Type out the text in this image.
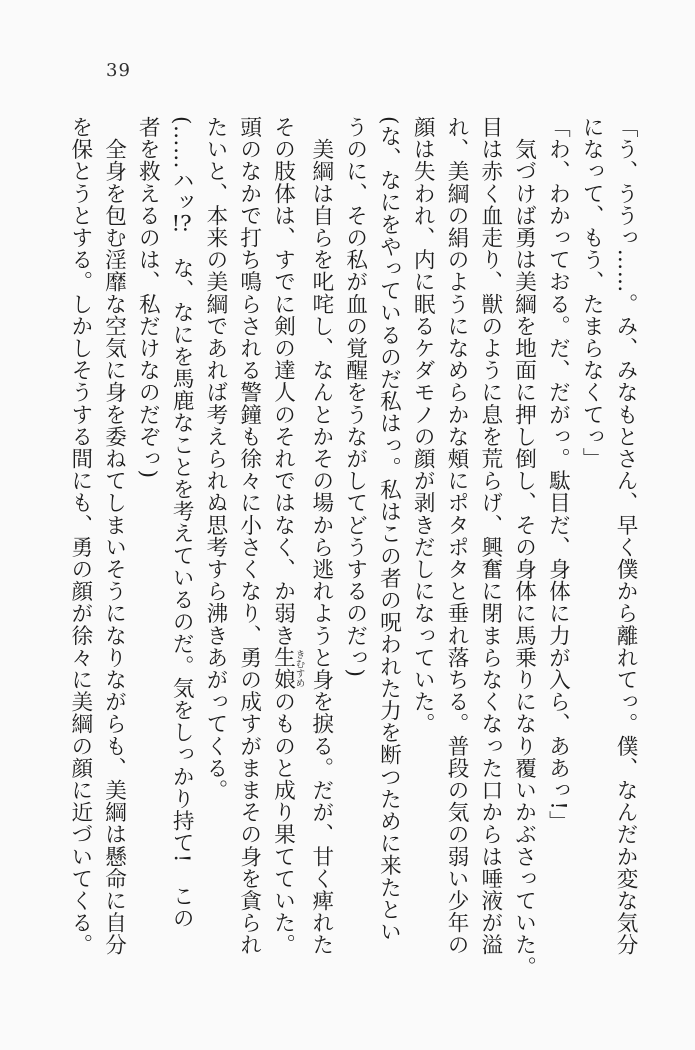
39
「う、ううっ……。み、みなもとさん、早く僕から離れてっ。僕、なんだか変な気分
になって、もう、たまらなくてっ」
「わ、わかっておる。だ、だがっ。駄目だ、身体に力が入ら、ああっ!」
　気づけば勇は美綱を地面に押し倒し、その身体に馬乗りになり覆いかぶさっていた。
目は赤く血走り、獣のように息を荒らげ、興奮に閉まらなくなった口からは唾液が溢
れ、美綱の絹のようになめらかな頰にポタポタと垂れ落ちる。普段の気の弱い少年の
顔は失われ、内に眠るケダモノの顔が剥きだしになっていた。
(な、なにをやっているのだ私はっ。私はこの者の呪われた力を断つために来たとい
うのに、その私が血の覚醒をうながしてどうするのだっ)
　美綱は自らを叱咤し、なんとかその場から逃れようと身を捩る。だが、甘く痺れた
その肢体は、すでに剣の達人のそれではなく、か弱き生娘きむすめのものと成り果てていた。
頭のなかで打ち鳴らされる警鐘も徐々に小さくなり、勇の成すがままその身を貪られ
たいと、本来の美綱であれば考えられぬ思考すら沸きあがってくる。
(……ハッ!?　な、なにを馬鹿なことを考えているのだ。気をしっかり持て!　この
者を救えるのは、私だけなのだぞっ)
　全身を包む淫靡な空気に身を委ねてしまいそうになりながらも、美綱は懸命に自分
を保とうとする。しかしそうする間にも、勇の顔が徐々に美綱の顔に近づいてくる。
